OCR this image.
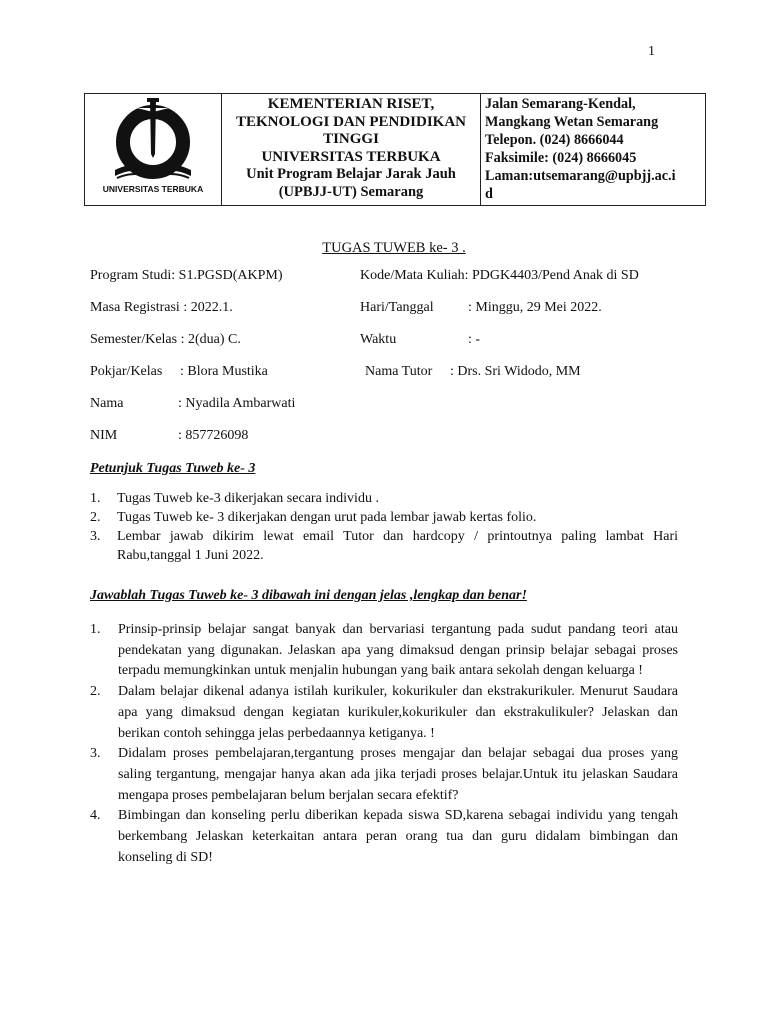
1
UNIVERSITAS TERBUKA

KEMENTERIAN RISET,
TEKNOLOGI DAN PENDIDIKAN
TINGGI
UNIVERSITAS TERBUKA
Unit Program Belajar Jarak Jauh
(UPBJJ-UT) Semarang

Jalan Semarang-Kendal,
Mangkang Wetan Semarang
Telepon. (024) 8666044
Faksimile: (024) 8666045
Laman:utsemarang@upbjj.ac.i
d
TUGAS TUWEB ke- 3 .
Program Studi: S1.PGSD(AKPM)	Kode/Mata Kuliah: PDGK4403/Pend Anak di SD
Masa Registrasi : 2022.1.	Hari/Tanggal : Minggu, 29 Mei 2022.
Semester/Kelas : 2(dua) C.	Waktu	: -
Pokjar/Kelas : Blora Mustika	Nama Tutor : Drs. Sri Widodo, MM
Nama	: Nyadila Ambarwati
NIM	: 857726098
Petunjuk Tugas Tuweb ke- 3
1. Tugas Tuweb ke-3 dikerjakan secara individu .
2. Tugas Tuweb ke- 3 dikerjakan dengan urut pada lembar jawab kertas folio.
3. Lembar jawab dikirim lewat email Tutor dan hardcopy / printoutnya paling lambat Hari Rabu,tanggal 1 Juni 2022.
Jawablah Tugas Tuweb ke- 3 dibawah ini dengan jelas ,lengkap dan benar!
1. Prinsip-prinsip belajar sangat banyak dan bervariasi tergantung pada sudut pandang teori atau pendekatan yang digunakan. Jelaskan apa yang dimaksud dengan prinsip belajar sebagai proses terpadu memungkinkan untuk menjalin hubungan yang baik antara sekolah dengan keluarga !
2. Dalam belajar dikenal adanya istilah kurikuler, kokurikuler dan ekstrakurikuler. Menurut Saudara apa yang dimaksud dengan kegiatan kurikuler,kokurikuler dan ekstrakulikuler? Jelaskan dan berikan contoh sehingga jelas perbedaannya ketiganya. !
3. Didalam proses pembelajaran,tergantung proses mengajar dan belajar sebagai dua proses yang saling tergantung, mengajar hanya akan ada jika terjadi proses belajar.Untuk itu jelaskan Saudara mengapa proses pembelajaran belum berjalan secara efektif?
4. Bimbingan dan konseling perlu diberikan kepada siswa SD,karena sebagai individu yang tengah berkembang Jelaskan keterkaitan antara peran orang tua dan guru didalam bimbingan dan konseling di SD!
